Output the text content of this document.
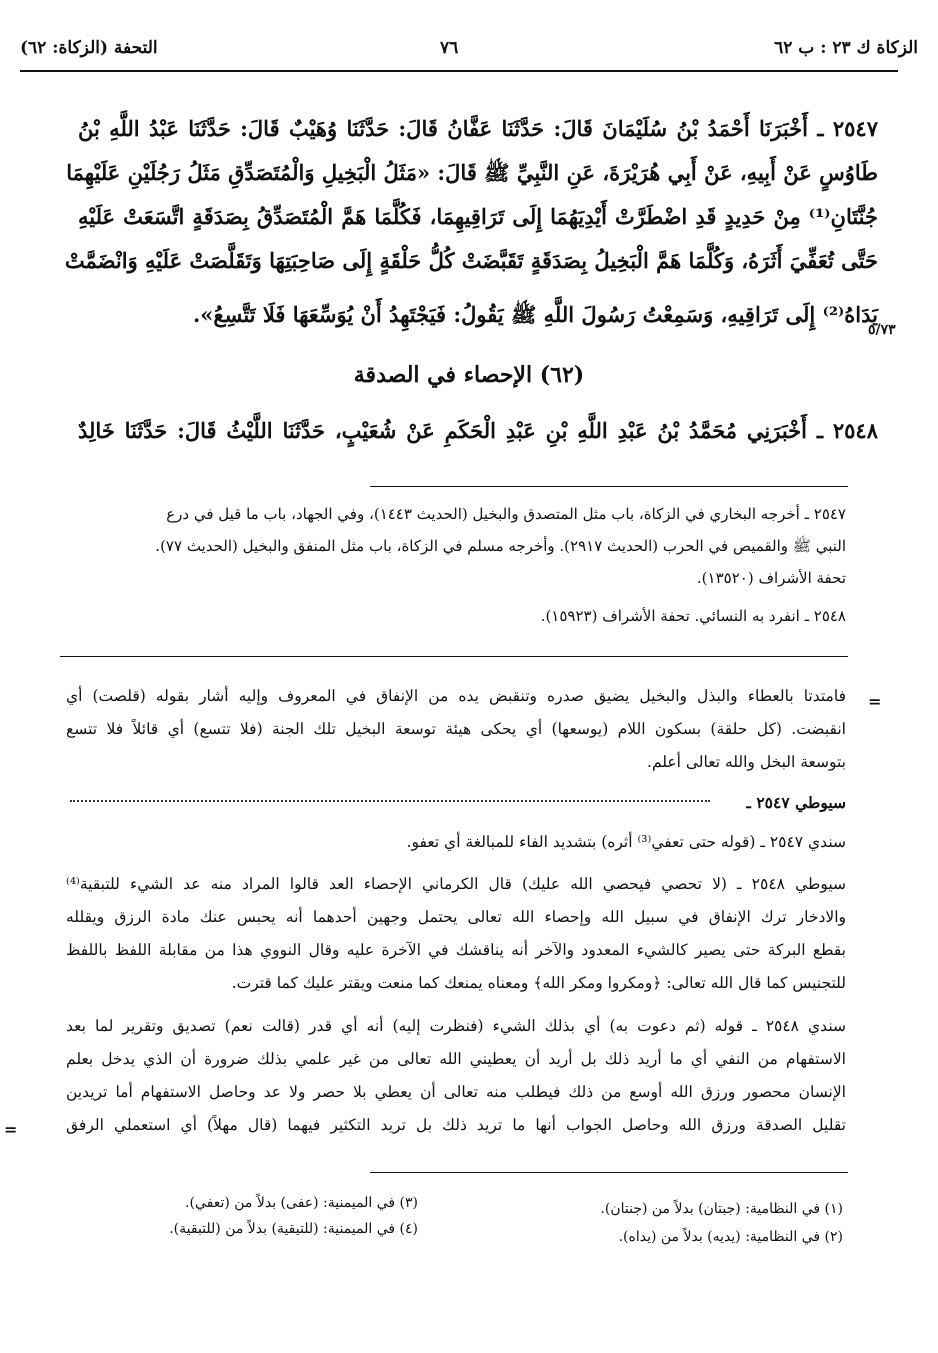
الزكاة ك ٢٣ : ب ٦٢
٧٦
التحفة (الزكاة: ٦٢)
٢٥٤٧ ـ أَخْبَرَنَا أَحْمَدُ بْنُ سُلَيْمَانَ قَالَ: حَدَّثَنَا عَفَّانُ قَالَ: حَدَّثَنَا وُهَيْبٌ قَالَ: حَدَّثَنَا عَبْدُ اللَّهِ بْنُ
طَاوُسٍ عَنْ أَبِيهِ، عَنْ أَبِي هُرَيْرَةَ، عَنِ النَّبِيِّ ﷺ قَالَ: «مَثَلُ الْبَخِيلِ وَالْمُتَصَدِّقِ مَثَلُ رَجُلَيْنِ عَلَيْهِمَا
جُنَّتَانِ⁽¹⁾ مِنْ حَدِيدٍ قَدِ اضْطَرَّتْ أَيْدِيَهُمَا إِلَى تَرَاقِيهِمَا، فَكُلَّمَا هَمَّ الْمُتَصَدِّقُ بِصَدَقَةٍ اتَّسَعَتْ عَلَيْهِ
حَتَّى تُعَفِّيَ أَثَرَهُ، وَكُلَّمَا هَمَّ الْبَخِيلُ بِصَدَقَةٍ تَقَبَّضَتْ كُلُّ حَلْقَةٍ إِلَى صَاحِبَتِهَا وَتَقَلَّصَتْ عَلَيْهِ وَانْضَمَّتْ
يَدَاهُ⁽²⁾ إِلَى تَرَاقِيهِ، وَسَمِعْتُ رَسُولَ اللَّهِ ﷺ يَقُولُ: فَيَجْتَهِدُ أَنْ يُوَسِّعَهَا فَلَا تَتَّسِعُ».
٥/٧٣
(٦٢) الإحصاء في الصدقة
٢٥٤٨ ـ أَخْبَرَنِي مُحَمَّدُ بْنُ عَبْدِ اللَّهِ بْنِ عَبْدِ الْحَكَمِ عَنْ شُعَيْبٍ، حَدَّثَنَا اللَّيْثُ قَالَ: حَدَّثَنَا خَالِدٌ
٢٥٤٧ ـ أخرجه البخاري في الزكاة، باب مثل المتصدق والبخيل (الحديث ١٤٤٣)، وفي الجهاد، باب ما قيل في درع
النبي ﷺ والقميص في الحرب (الحديث ٢٩١٧). وأخرجه مسلم في الزكاة، باب مثل المنفق والبخيل (الحديث ٧٧).
تحفة الأشراف (١٣٥٢٠).
٢٥٤٨ ـ انفرد به النسائي. تحفة الأشراف (١٥٩٢٣).
=

فامتدتا بالعطاء والبذل والبخيل يضيق صدره وتنقبض يده من الإنفاق في المعروف وإليه أشار بقوله (قلصت) أي

انقبضت. (كل حلقة) بسكون اللام (يوسعها) أي يحكى هيئة توسعة البخيل تلك الجنة (فلا تتسع) أي قائلاً فلا تتسع

بتوسعة البخل والله تعالى أعلم.

سيوطي ٢٥٤٧ ـ

سندي ٢٥٤٧ ـ (قوله حتى تعفي⁽³⁾ أثره) بتشديد الفاء للمبالغة أي تعفو.

سيوطي ٢٥٤٨ ـ (لا تحصي فيحصي الله عليك) قال الكرماني الإحصاء العد قالوا المراد منه عد الشيء للتبقية⁽⁴⁾

والادخار ترك الإنفاق في سبيل الله وإحصاء الله تعالى يحتمل وجهين أحدهما أنه يحبس عنك مادة الرزق ويقلله

بقطع البركة حتى يصير كالشيء المعدود والآخر أنه يناقشك في الآخرة عليه وقال النووي هذا من مقابلة اللفظ باللفظ

للتجنيس كما قال الله تعالى: ﴿ومكروا ومكر الله﴾ ومعناه يمنعك كما منعت ويقتر عليك كما قترت.

سندي ٢٥٤٨ ـ قوله (ثم دعوت به) أي بذلك الشيء (فنظرت إليه) أنه أي قدر (قالت نعم) تصديق وتقرير لما بعد

الاستفهام من النفي أي ما أريد ذلك بل أريد أن يعطيني الله تعالى من غير علمي بذلك ضرورة أن الذي يدخل بعلم

الإنسان محصور ورزق الله أوسع من ذلك فيطلب منه تعالى أن يعطي بلا حصر ولا عد وحاصل الاستفهام أما تريدين

تقليل الصدقة ورزق الله وحاصل الجواب أنها ما تريد ذلك بل تريد التكثير فيهما (قال مهلاً) أي استعملي الرفق

=
(١) في النظامية: (جبتان) بدلاً من (جنتان).
(٢) في النظامية: (يديه) بدلاً من (يداه).
(٣) في الميمنية: (عفى) بدلاً من (تعفي).
(٤) في الميمنية: (للتيقية) بدلاً من (للتبقية).
